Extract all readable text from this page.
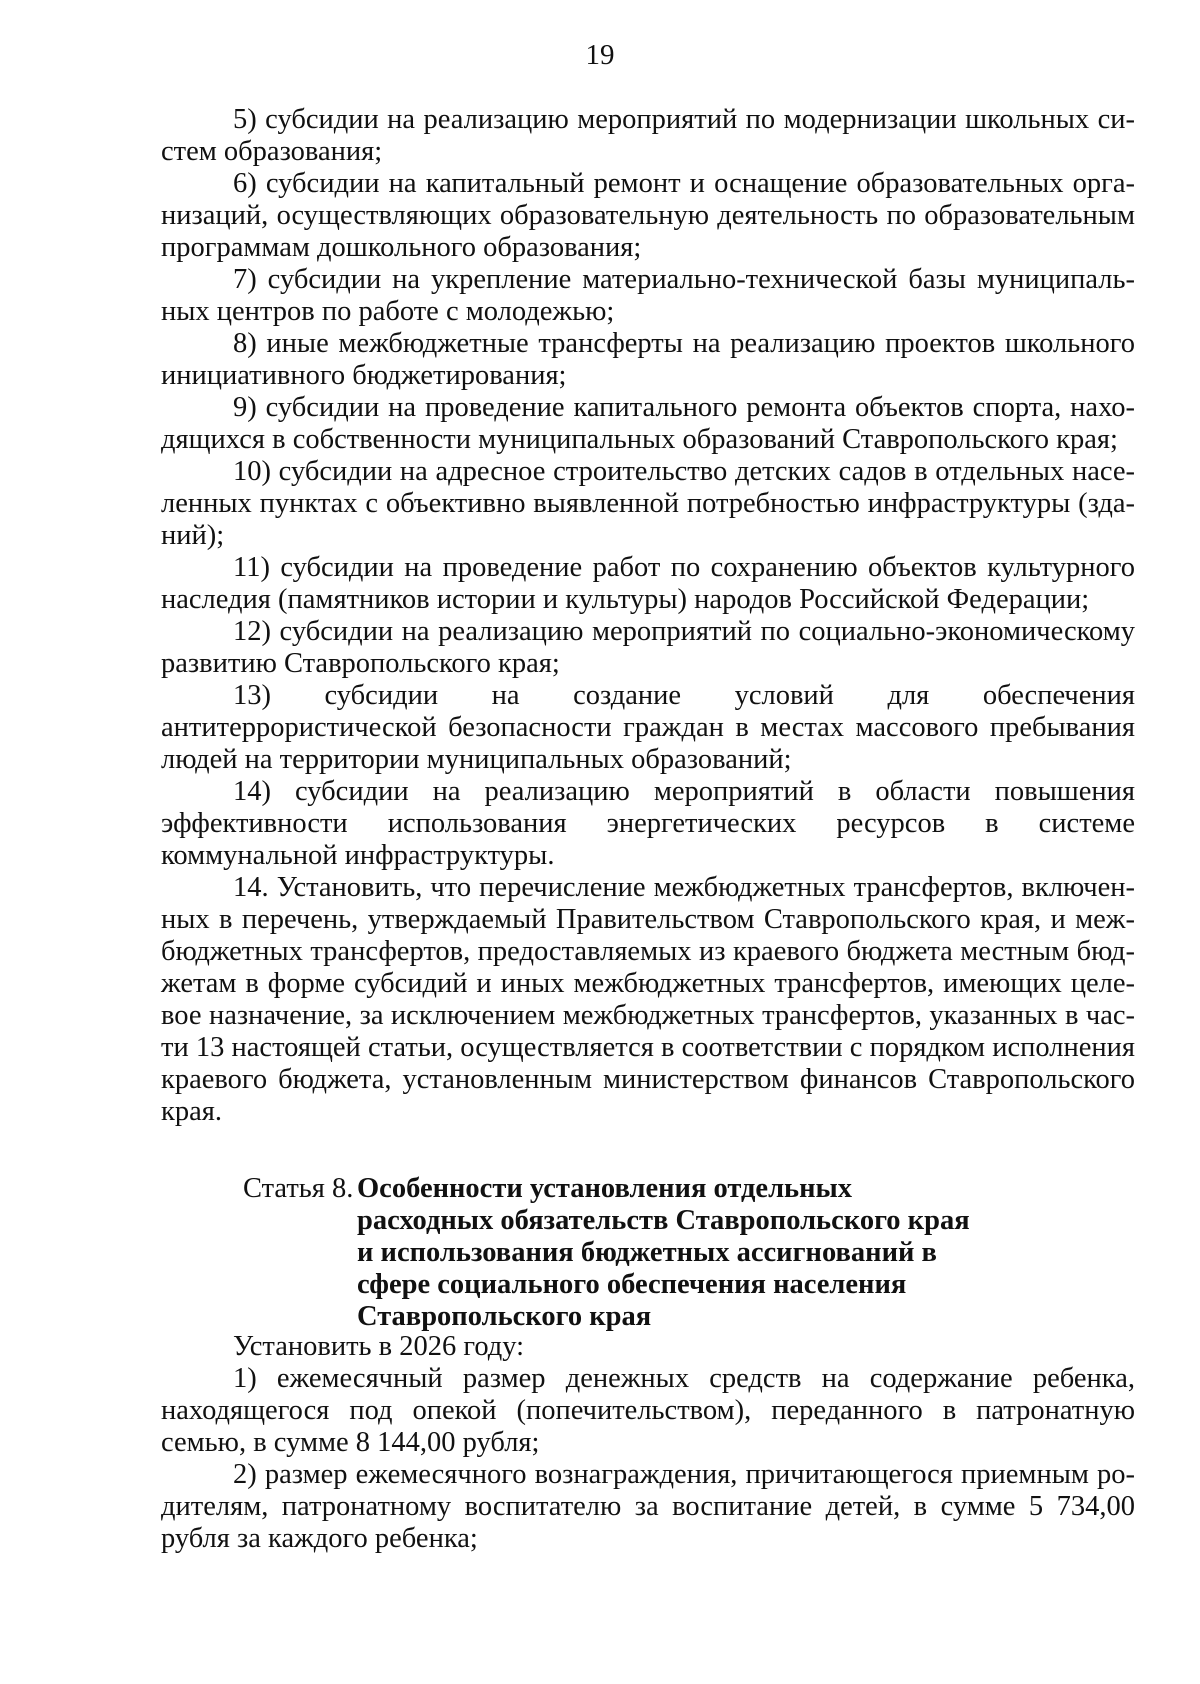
19

5) субсидии на реализацию мероприятий по модернизации школьных систем образования;

6) субсидии на капитальный ремонт и оснащение образовательных организаций, осуществляющих образовательную деятельность по образовательным программам дошкольного образования;

7) субсидии на укрепление материально-технической базы муниципальных центров по работе с молодежью;

8) иные межбюджетные трансферты на реализацию проектов школьного инициативного бюджетирования;

9) субсидии на проведение капитального ремонта объектов спорта, находящихся в собственности муниципальных образований Ставропольского края;

10) субсидии на адресное строительство детских садов в отдельных населенных пунктах с объективно выявленной потребностью инфраструктуры (зданий);

11) субсидии на проведение работ по сохранению объектов культурного наследия (памятников истории и культуры) народов Российской Федерации;

12) субсидии на реализацию мероприятий по социально-экономическому развитию Ставропольского края;

13) субсидии на создание условий для обеспечения антитеррористической безопасности граждан в местах массового пребывания людей на территории муниципальных образований;

14) субсидии на реализацию мероприятий в области повышения эффективности использования энергетических ресурсов в системе коммунальной инфраструктуры.

14. Установить, что перечисление межбюджетных трансфертов, включенных в перечень, утверждаемый Правительством Ставропольского края, и межбюджетных трансфертов, предоставляемых из краевого бюджета местным бюджетам в форме субсидий и иных межбюджетных трансфертов, имеющих целевое назначение, за исключением межбюджетных трансфертов, указанных в части 13 настоящей статьи, осуществляется в соответствии с порядком исполнения краевого бюджета, установленным министерством финансов Ставропольского края.

Статья 8. Особенности установления отдельных расходных обязательств Ставропольского края и использования бюджетных ассигнований в сфере социального обеспечения населения Ставропольского края

Установить в 2026 году:

1) ежемесячный размер денежных средств на содержание ребенка, находящегося под опекой (попечительством), переданного в патронатную семью, в сумме 8 144,00 рубля;

2) размер ежемесячного вознаграждения, причитающегося приемным родителям, патронатному воспитателю за воспитание детей, в сумме 5 734,00 рубля за каждого ребенка;
